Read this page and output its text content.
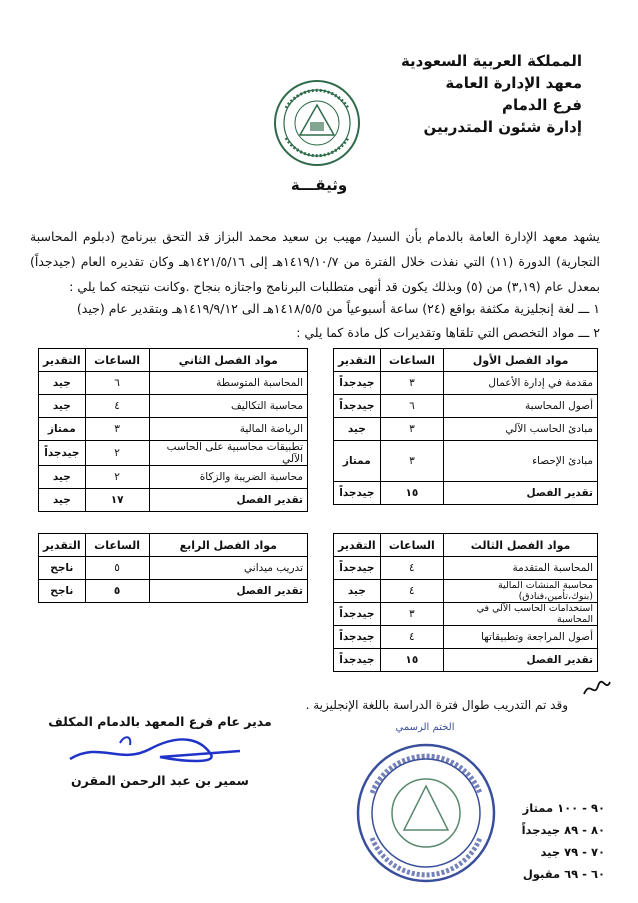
المملكة العربية السعودية
معهد الإدارة العامة
فرع الدمام
إدارة شئون المتدربين
وثيقـــة
يشهد معهد الإدارة العامة بالدمام بأن السيد/ مهيب بن سعيد محمد البزاز قد التحق ببرنامج (دبلوم المحاسبة التجارية) الدورة (١١) التي نفذت خلال الفترة من ١٤١٩/١٠/٧هـ إلى ١٤٢١/٥/١٦هـ وكان تقديره العام (جيدجداً) بمعدل عام (٣,١٩) من (٥) وبذلك يكون قد أنهى متطلبات البرنامج واجتازه بنجاح .وكانت نتيجته كما يلي :
١ ـــ لغة إنجليزية مكثفة بواقع (٢٤) ساعة أسبوعياً من ١٤١٨/٥/٥هـ الى ١٤١٩/٩/١٢هـ وبتقدير عام (جيد)
٢ ـــ مواد التخصص التي تلقاها وتقديرات كل مادة كما يلي :
مواد الفصل الأول	الساعات	التقدير
مقدمة في إدارة الأعمال	٣	جيدجداً
أصول المحاسبة	٦	جيدجداً
مبادئ الحاسب الآلي	٣	جيد
مبادئ الإحصاء	٣	ممتاز
تقدير الفصل	١٥	جيدجداً
مواد الفصل الثاني	الساعات	التقدير
المحاسبة المتوسطة	٦	جيد
محاسبة التكاليف	٤	جيد
الرياضة المالية	٣	ممتاز
تطبيقات محاسبية على الحاسب الآلي	٢	جيدجداً
محاسبة الضريبة والزكاة	٢	جيد
تقدير الفصل	١٧	جيد
مواد الفصل الثالث	الساعات	التقدير
المحاسبة المتقدمة	٤	جيدجداً
محاسبة المنشآت المالية (بنوك،تأمين،فنادق)	٤	جيد
استخدامات الحاسب الآلي في المحاسبة	٣	جيدجداً
أصول المراجعة وتطبيقاتها	٤	جيدجداً
تقدير الفصل	١٥	جيدجداً
مواد الفصل الرابع	الساعات	التقدير
تدريب ميداني	٥	ناجح
تقدير الفصل	٥	ناجح
وقد تم التدريب طوال فترة الدراسة باللغة الإنجليزية .
مدير عام فرع المعهد بالدمام المكلف
سمير بن عبد الرحمن المقرن
الختم الرسمي
٩٠ - ١٠٠ ممتاز
٨٠ - ٨٩ جيدجداً
٧٠ - ٧٩ جيد
٦٠ - ٦٩ مقبول
